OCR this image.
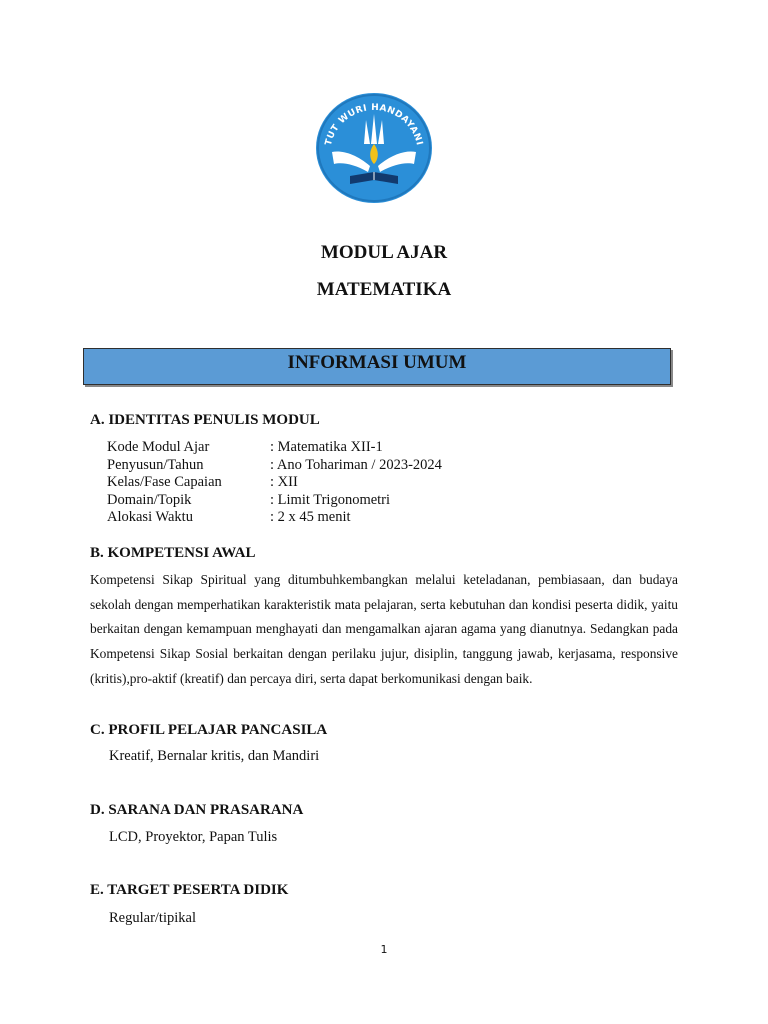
TUT WURI HANDAYANI
MODUL AJAR
MATEMATIKA
INFORMASI UMUM
A. IDENTITAS PENULIS MODUL
Kode Modul Ajar	: Matematika XII-1
Penyusun/Tahun	: Ano Tohariman / 2023-2024
Kelas/Fase Capaian	: XII
Domain/Topik	: Limit Trigonometri
Alokasi Waktu	: 2 x 45 menit
B. KOMPETENSI AWAL
Kompetensi Sikap Spiritual yang ditumbuhkembangkan melalui keteladanan, pembiasaan, dan budaya sekolah dengan memperhatikan karakteristik mata pelajaran, serta kebutuhan dan kondisi peserta didik, yaitu berkaitan dengan kemampuan menghayati dan mengamalkan ajaran agama yang dianutnya. Sedangkan pada Kompetensi Sikap Sosial berkaitan dengan perilaku jujur, disiplin, tanggung jawab, kerjasama, responsive (kritis),pro-aktif (kreatif) dan percaya diri, serta dapat berkomunikasi dengan baik.
C. PROFIL PELAJAR PANCASILA
Kreatif, Bernalar kritis, dan Mandiri
D. SARANA DAN PRASARANA
LCD, Proyektor, Papan Tulis
E. TARGET PESERTA DIDIK
Regular/tipikal
1
